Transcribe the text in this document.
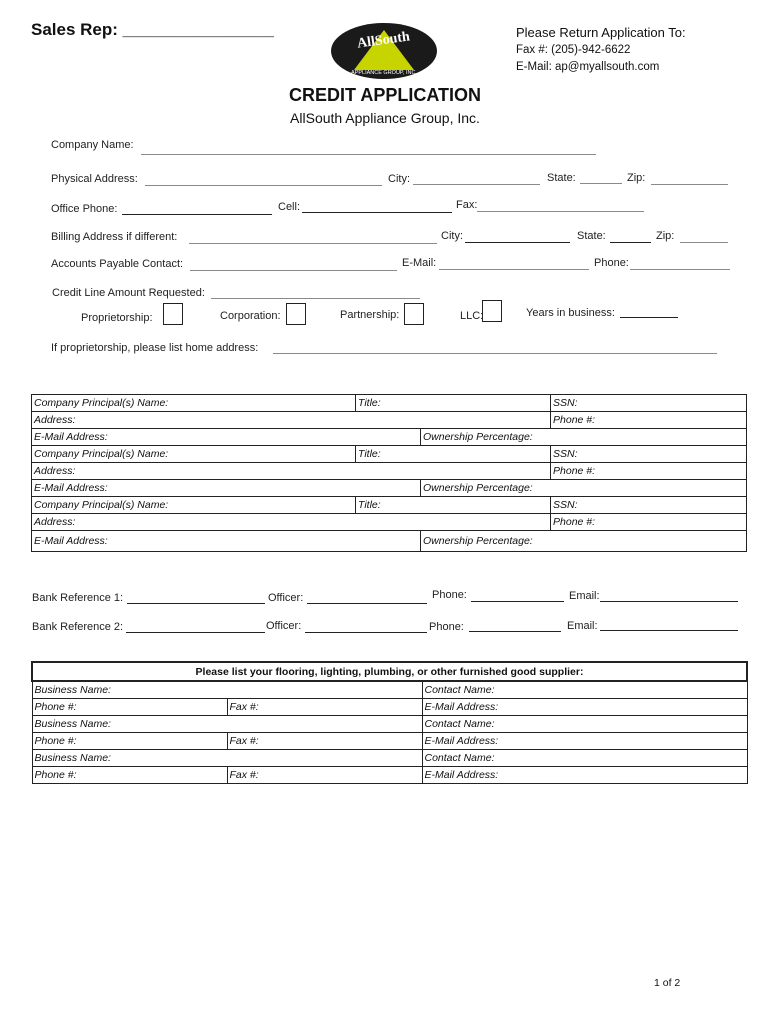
Sales Rep: ________________	AllSouth
APPLIANCE GROUP, INC.
Please Return Application To:
Fax #: (205)-942-6622
E-Mail: ap@myallsouth.com
CREDIT APPLICATION
AllSouth Appliance Group, Inc.
Company Name:
Physical Address:	City:	State:	Zip:
Office Phone:	Cell:	Fax:
Billing Address if different:	City:	State:	Zip:
Accounts Payable Contact:	E-Mail:	Phone:
Credit Line Amount Requested:
Proprietorship:	Corporation:	Partnership:	LLC:	Years in business:
If proprietorship, please list home address:
Company Principal(s) Name:	Title:		SSN:
Address:			Phone #:
E-Mail Address:		Ownership Percentage:	
Company Principal(s) Name:	Title:		SSN:
Address:			Phone #:
E-Mail Address:		Ownership Percentage:	
Company Principal(s) Name:	Title:		SSN:
Address:			Phone #:
E-Mail Address:		Ownership Percentage:	
Bank Reference 1:	Officer:	Phone:	Email:
Bank Reference 2:	Officer:	Phone:	Email:
Please list your flooring, lighting, plumbing, or other furnished good supplier:		
Business Name:		Contact Name:
Phone #:	Fax #:	E-Mail Address:
Business Name:		Contact Name:
Phone #:	Fax #:	E-Mail Address:
Business Name:		Contact Name:
Phone #:	Fax #:	E-Mail Address:
1 of 2
